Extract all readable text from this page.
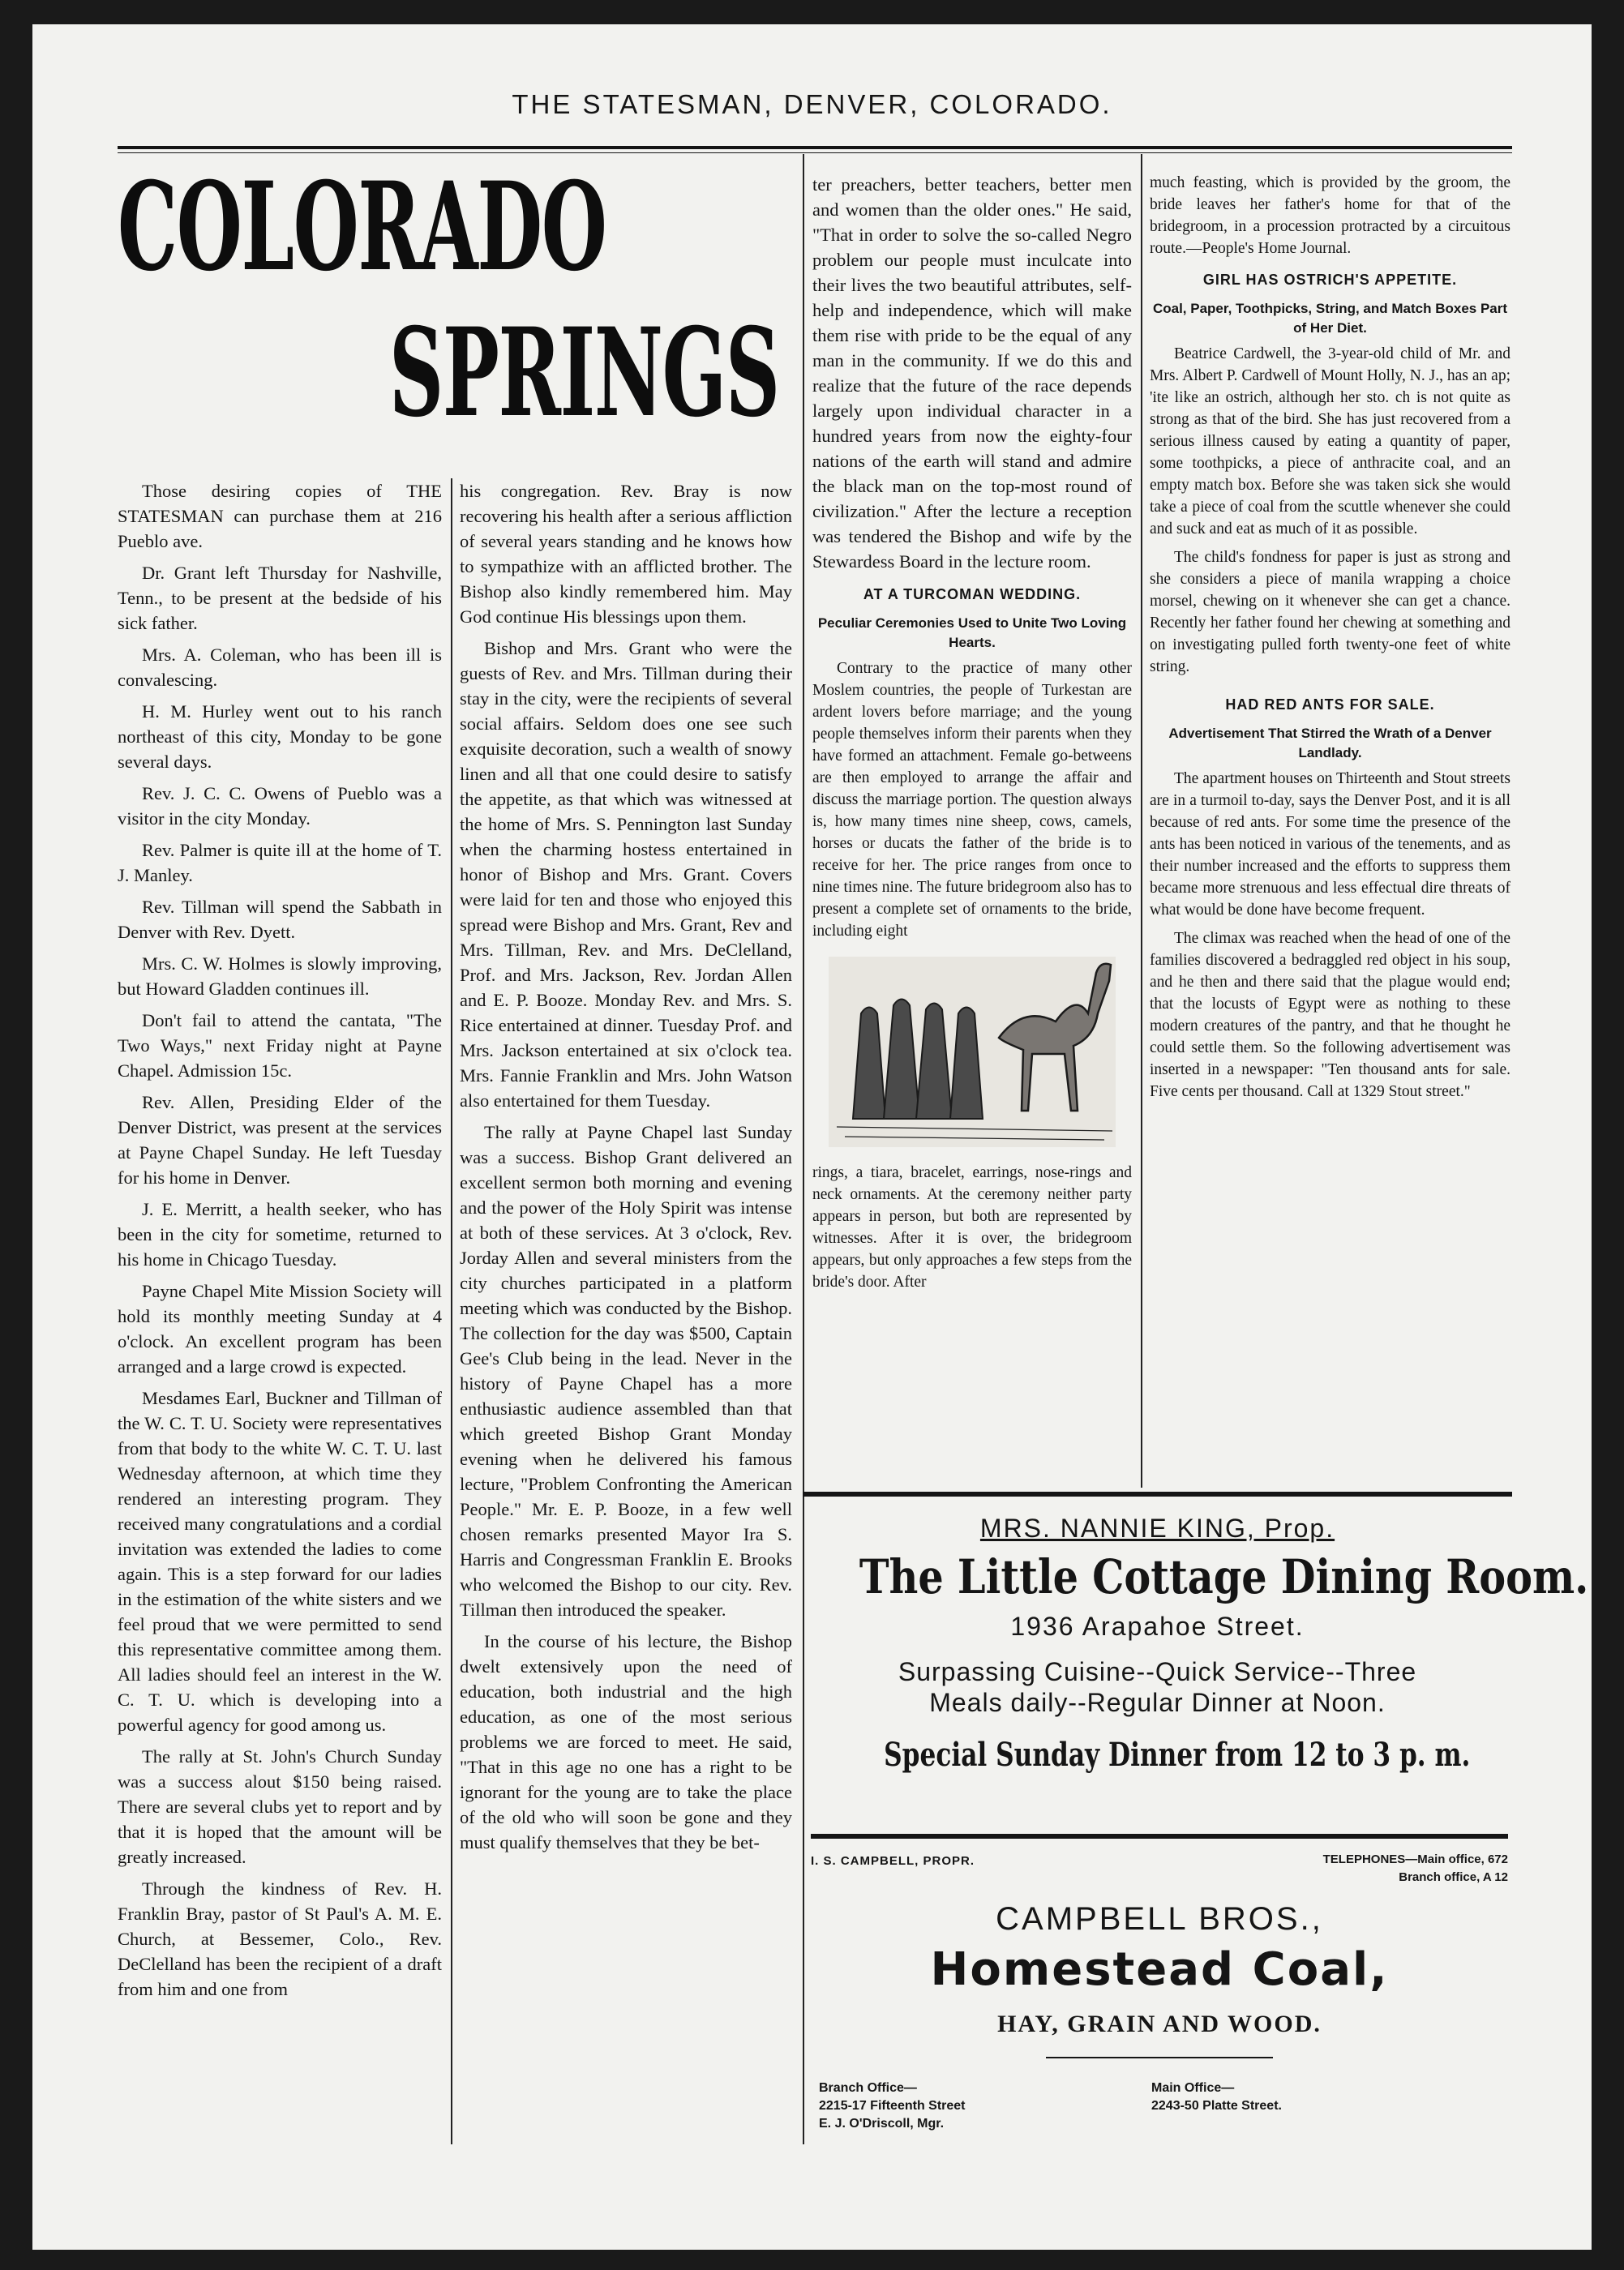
THE STATESMAN, DENVER, COLORADO.
COLORADO
SPRINGS

Those desiring copies of THE STATESMAN can purchase them at 216 Pueblo ave.

Dr. Grant left Thursday for Nashville, Tenn., to be present at the bedside of his sick father.

Mrs. A. Coleman, who has been ill is convalescing.

H. M. Hurley went out to his ranch northeast of this city, Monday to be gone several days.

Rev. J. C. C. Owens of Pueblo was a visitor in the city Monday.

Rev. Palmer is quite ill at the home of T. J. Manley.

Rev. Tillman will spend the Sabbath in Denver with Rev. Dyett.

Mrs. C. W. Holmes is slowly improving, but Howard Gladden continues ill.

Don't fail to attend the cantata, "The Two Ways," next Friday night at Payne Chapel. Admission 15c.

Rev. Allen, Presiding Elder of the Denver District, was present at the services at Payne Chapel Sunday. He left Tuesday for his home in Denver.

J. E. Merritt, a health seeker, who has been in the city for sometime, returned to his home in Chicago Tuesday.

Payne Chapel Mite Mission Society will hold its monthly meeting Sunday at 4 o'clock. An excellent program has been arranged and a large crowd is expected.

Mesdames Earl, Buckner and Tillman of the W. C. T. U. Society were representatives from that body to the white W. C. T. U. last Wednesday afternoon, at which time they rendered an interesting program. They received many congratulations and a cordial invitation was extended the ladies to come again. This is a step forward for our ladies in the estimation of the white sisters and we feel proud that we were permitted to send this representative committee among them. All ladies should feel an interest in the W. C. T. U. which is developing into a powerful agency for good among us.

The rally at St. John's Church Sunday was a success alout $150 being raised. There are several clubs yet to report and by that it is hoped that the amount will be greatly increased.

Through the kindness of Rev. H. Franklin Bray, pastor of St Paul's A. M. E. Church, at Bessemer, Colo., Rev. DeClelland has been the recipient of a draft from him and one from

his congregation. Rev. Bray is now recovering his health after a serious affliction of several years standing and he knows how to sympathize with an afflicted brother. The Bishop also kindly remembered him. May God continue His blessings upon them.

Bishop and Mrs. Grant who were the guests of Rev. and Mrs. Tillman during their stay in the city, were the recipients of several social affairs. Seldom does one see such exquisite decoration, such a wealth of snowy linen and all that one could desire to satisfy the appetite, as that which was witnessed at the home of Mrs. S. Pennington last Sunday when the charming hostess entertained in honor of Bishop and Mrs. Grant. Covers were laid for ten and those who enjoyed this spread were Bishop and Mrs. Grant, Rev and Mrs. Tillman, Rev. and Mrs. DeClelland, Prof. and Mrs. Jackson, Rev. Jordan Allen and E. P. Booze. Monday Rev. and Mrs. S. Rice entertained at dinner. Tuesday Prof. and Mrs. Jackson entertained at six o'clock tea. Mrs. Fannie Franklin and Mrs. John Watson also entertained for them Tuesday.

The rally at Payne Chapel last Sunday was a success. Bishop Grant delivered an excellent sermon both morning and evening and the power of the Holy Spirit was intense at both of these services. At 3 o'clock, Rev. Jorday Allen and several ministers from the city churches participated in a platform meeting which was conducted by the Bishop. The collection for the day was $500, Captain Gee's Club being in the lead. Never in the history of Payne Chapel has a more enthusiastic audience assembled than that which greeted Bishop Grant Monday evening when he delivered his famous lecture, "Problem Confronting the American People." Mr. E. P. Booze, in a few well chosen remarks presented Mayor Ira S. Harris and Congressman Franklin E. Brooks who welcomed the Bishop to our city. Rev. Tillman then introduced the speaker.

In the course of his lecture, the Bishop dwelt extensively upon the need of education, both industrial and the high education, as one of the most serious problems we are forced to meet. He said, "That in this age no one has a right to be ignorant for the young are to take the place of the old who will soon be gone and they must qualify themselves that they be bet-

ter preachers, better teachers, better men and women than the older ones." He said, "That in order to solve the so-called Negro problem our people must inculcate into their lives the two beautiful attributes, self-help and independence, which will make them rise with pride to be the equal of any man in the community. If we do this and realize that the future of the race depends largely upon individual character in a hundred years from now the eighty-four nations of the earth will stand and admire the black man on the top-most round of civilization." After the lecture a reception was tendered the Bishop and wife by the Stewardess Board in the lecture room.

AT A TURCOMAN WEDDING.
Peculiar Ceremonies Used to Unite Two Loving Hearts.

Contrary to the practice of many other Moslem countries, the people of Turkestan are ardent lovers before marriage; and the young people themselves inform their parents when they have formed an attachment. Female go-betweens are then employed to arrange the affair and discuss the marriage portion. The question always is, how many times nine sheep, cows, camels, horses or ducats the father of the bride is to receive for her. The price ranges from once to nine times nine. The future bridegroom also has to present a complete set of ornaments to the bride, including eight

rings, a tiara, bracelet, earrings, nose-rings and neck ornaments. At the ceremony neither party appears in person, but both are represented by witnesses. After it is over, the bridegroom appears, but only approaches a few steps from the bride's door. After

much feasting, which is provided by the groom, the bride leaves her father's home for that of the bridegroom, in a procession protracted by a circuitous route.—People's Home Journal.

GIRL HAS OSTRICH'S APPETITE.
Coal, Paper, Toothpicks, String, and Match Boxes Part of Her Diet.

Beatrice Cardwell, the 3-year-old child of Mr. and Mrs. Albert P. Cardwell of Mount Holly, N. J., has an ap; 'ite like an ostrich, although her sto. ch is not quite as strong as that of the bird. She has just recovered from a serious illness caused by eating a quantity of paper, some toothpicks, a piece of anthracite coal, and an empty match box. Before she was taken sick she would take a piece of coal from the scuttle whenever she could and suck and eat as much of it as possible.

The child's fondness for paper is just as strong and she considers a piece of manila wrapping a choice morsel, chewing on it whenever she can get a chance. Recently her father found her chewing at something and on investigating pulled forth twenty-one feet of white string.

HAD RED ANTS FOR SALE.
Advertisement That Stirred the Wrath of a Denver Landlady.

The apartment houses on Thirteenth and Stout streets are in a turmoil to-day, says the Denver Post, and it is all because of red ants. For some time the presence of the ants has been noticed in various of the tenements, and as their number increased and the efforts to suppress them became more strenuous and less effectual dire threats of what would be done have become frequent.

The climax was reached when the head of one of the families discovered a bedraggled red object in his soup, and he then and there said that the plague would end; that the locusts of Egypt were as nothing to these modern creatures of the pantry, and that he thought he could settle them. So the following advertisement was inserted in a newspaper: "Ten thousand ants for sale. Five cents per thousand. Call at 1329 Stout street."

MRS. NANNIE KING, Prop.
The Little Cottage Dining Room.
1936 Arapahoe Street.
Surpassing Cuisine--Quick Service--Three
Meals daily--Regular Dinner at Noon.
Special Sunday Dinner from 12 to 3 p. m.
I. S. CAMPBELL, PROPR.	TELEPHONES—Main office, 672
Branch office, A 12
CAMPBELL BROS.,
Homestead Coal,
HAY, GRAIN AND WOOD.
Branch Office—
2215-17 Fifteenth Street
E. J. O'Driscoll, Mgr.
Main Office—
2243-50 Platte Street.
